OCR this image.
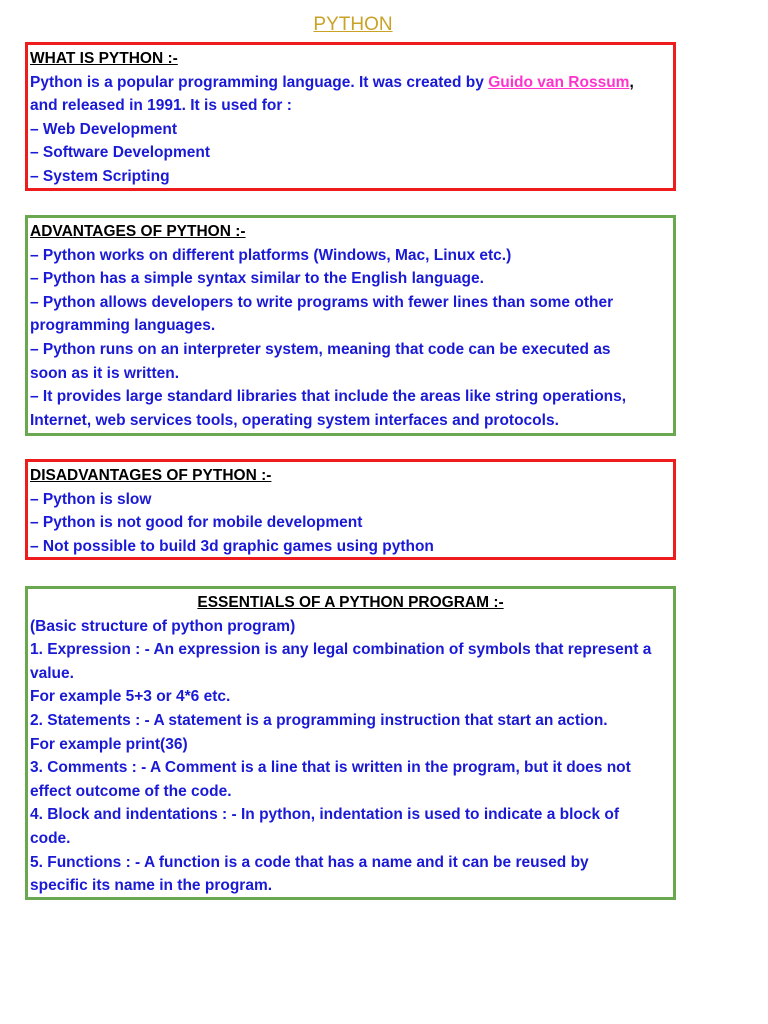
PYTHON
WHAT IS PYTHON :-
Python is a popular programming language. It was created by Guido van Rossum,
and released in 1991. It is used for :
– Web Development
– Software Development
– System Scripting
ADVANTAGES OF PYTHON :-
– Python works on different platforms (Windows, Mac, Linux etc.)
– Python has a simple syntax similar to the English language.
– Python allows developers to write programs with fewer lines than some other
programming languages.
– Python runs on an interpreter system, meaning that code can be executed as
soon as it is written.
– It provides large standard libraries that include the areas like string operations,
Internet, web services tools, operating system interfaces and protocols.
DISADVANTAGES OF PYTHON :-
– Python is slow
– Python is not good for mobile development
– Not possible to build 3d graphic games using python
ESSENTIALS OF A PYTHON PROGRAM :-
(Basic structure of python program)
1. Expression : - An expression is any legal combination of symbols that represent a
value.
For example 5+3 or 4*6 etc.
2. Statements : - A statement is a programming instruction that start an action.
For example print(36)
3. Comments : - A Comment is a line that is written in the program, but it does not
effect outcome of the code.
4. Block and indentations : - In python, indentation is used to indicate a block of
code.
5. Functions : - A function is a code that has a name and it can be reused by
specific its name in the program.
